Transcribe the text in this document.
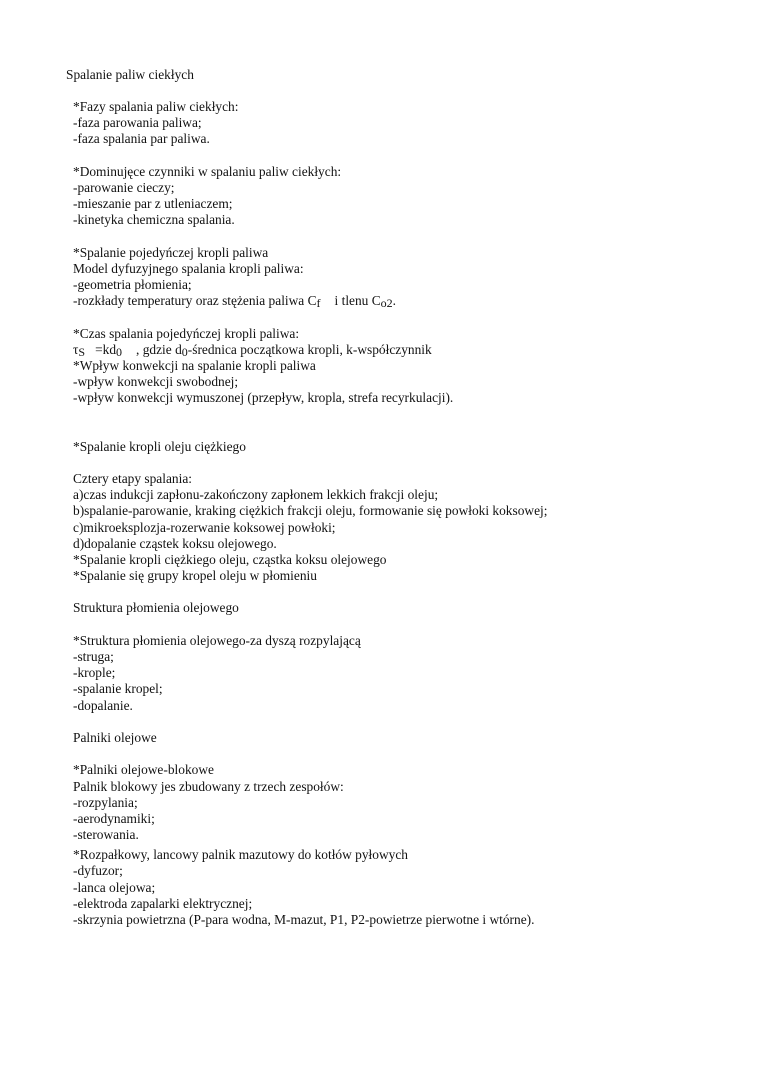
Spalanie paliw ciekłych
*Fazy spalania paliw ciekłych:
-faza parowania paliwa;
-faza spalania par paliwa.
*Dominujęce czynniki w spalaniu paliw ciekłych:
-parowanie cieczy;
-mieszanie par z utleniaczem;
-kinetyka chemiczna spalania.
*Spalanie pojedyńczej kropli paliwa
Model dyfuzyjnego spalania kropli paliwa:
-geometria płomienia;
-rozkłady temperatury oraz stężenia paliwa Cf i tlenu Co2.
*Czas spalania pojedyńczej kropli paliwa:
τS =kd0 , gdzie d0-średnica początkowa kropli, k-współczynnik
*Wpływ konwekcji na spalanie kropli paliwa
-wpływ konwekcji swobodnej;
-wpływ konwekcji wymuszonej (przepływ, kropla, strefa recyrkulacji).
*Spalanie kropli oleju ciężkiego
Cztery etapy spalania:
a)czas indukcji zapłonu-zakończony zapłonem lekkich frakcji oleju;
b)spalanie-parowanie, kraking ciężkich frakcji oleju, formowanie się powłoki koksowej;
c)mikroeksplozja-rozerwanie koksowej powłoki;
d)dopalanie cząstek koksu olejowego.
*Spalanie kropli ciężkiego oleju, cząstka koksu olejowego
*Spalanie się grupy kropel oleju w płomieniu
Struktura płomienia olejowego
*Struktura płomienia olejowego-za dyszą rozpylającą
-struga;
-krople;
-spalanie kropel;
-dopalanie.
Palniki olejowe
*Palniki olejowe-blokowe
Palnik blokowy jes zbudowany z trzech zespołów:
-rozpylania;
-aerodynamiki;
-sterowania.
*Rozpałkowy, lancowy palnik mazutowy do kotłów pyłowych
-dyfuzor;
-lanca olejowa;
-elektroda zapalarki elektrycznej;
-skrzynia powietrzna (P-para wodna, M-mazut, P1, P2-powietrze pierwotne i wtórne).
